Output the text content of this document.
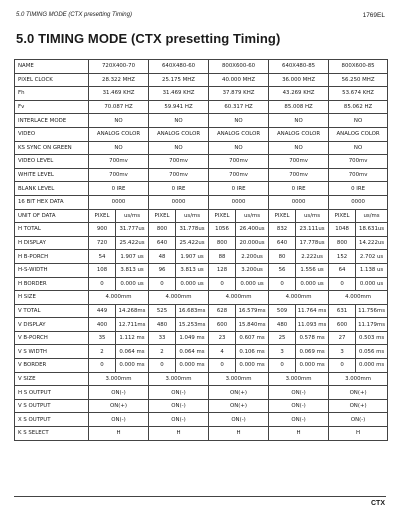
5.0 TIMING MODE (CTX presetting Timing)	1769EL
5.0 TIMING MODE (CTX presetting Timing)
NAME	720X400-70		640X480-60		800X600-60		640X480-85		800X600-85	
PIXEL CLOCK	28.322 MHZ		25.175 MHZ		40.000 MHZ		36.000 MHZ		56.250 MHZ	
Fh	31.469 KHZ		31.469 KHZ		37.879 KHZ		43.269 KHZ		53.674 KHZ	
Fv	70.087 HZ		59.941 HZ		60.317 HZ		85.008 HZ		85.062 HZ	
INTERLACE MODE	NO		NO		NO		NO		NO	
VIDEO	ANALOG COLOR		ANALOG COLOR		ANALOG COLOR		ANALOG COLOR		ANALOG COLOR	
KS SYNC ON GREEN	NO		NO		NO		NO		NO	
VIDEO LEVEL	700mv		700mv		700mv		700mv		700mv	
WHITE LEVEL	700mv		700mv		700mv		700mv		700mv	
BLANK LEVEL	0 IRE		0 IRE		0 IRE		0 IRE		0 IRE	
16 BIT HEX DATA	0000		0000		0000		0000		0000	
UNIT OF DATA	PIXEL	us/ms	PIXEL	us/ms	PIXEL	us/ms	PIXEL	us/ms	PIXEL	us/ms
H TOTAL	900	31.777us	800	31.778us	1056	26.400us	832	23.111us	1048	18.631us
H DISPLAY	720	25.422us	640	25.422us	800	20.000us	640	17.778us	800	14.222us
H B-PORCH	54	1.907 us	48	1.907 us	88	2.200us	80	2.222us	152	2.702 us
H-S-WIDTH	108	3.813 us	96	3.813 us	128	3.200us	56	1.556 us	64	1.138 us
H BORDER	0	0.000 us	0	0.000 us	0	0.000 us	0	0.000 us	0	0.000 us
H SIZE	4.000mm		4.000mm		4.000mm		4.000mm		4.000mm	
V TOTAL	449	14.268ms	525	16.683ms	628	16.579ms	509	11.764 ms	631	11.756ms
V DISPLAY	400	12.711ms	480	15.253ms	600	15.840ms	480	11.093 ms	600	11.179ms
V B-PORCH	35	1.112 ms	33	1.049 ms	23	0.607 ms	25	0.578 ms	27	0.503 ms
V S WIDTH	2	0.064 ms	2	0.064 ms	4	0.106 ms	3	0.069 ms	3	0.056 ms
V BORDER	0	0.000 ms	0	0.000 ms	0	0.000 ms	0	0.000 ms	0	0.000 ms
V SIZE	3.000mm		3.000mm		3.000mm		3.000mm		3.000mm	
H S OUTPUT	ON(-)		ON(-)		ON(+)		ON(-)		ON(+)	
V S OUTPUT	ON(+)		ON(-)		ON(+)		ON(-)		ON(+)	
X S OUTPUT	ON(-)		ON(-)		ON(-)		ON(-)		ON(-)	
K S SELECT	H		H		H		H		H	
CTX
